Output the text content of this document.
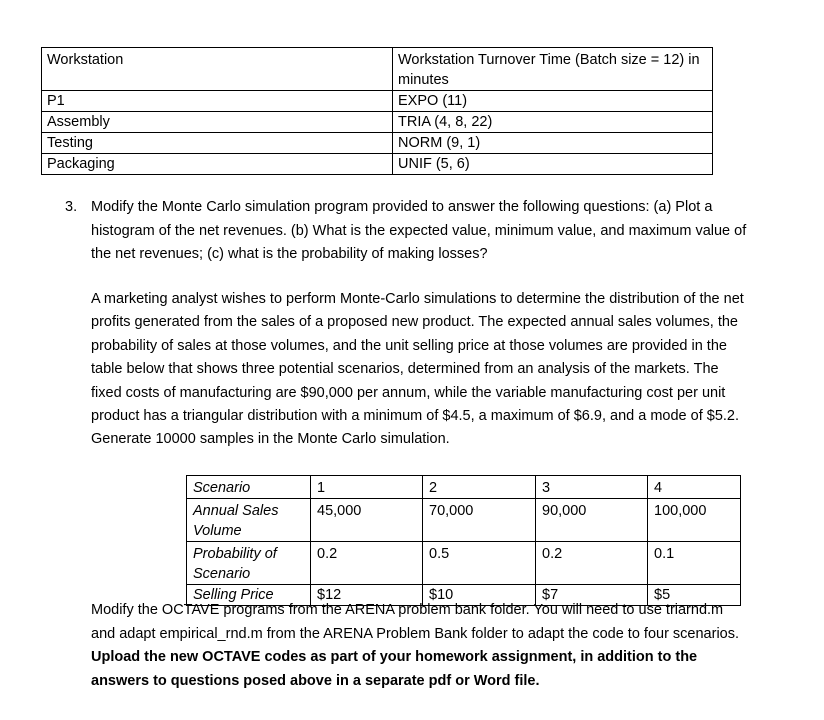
Workstation	Workstation Turnover Time (Batch size = 12) in minutes
P1	EXPO (11)
Assembly	TRIA (4, 8, 22)
Testing	NORM (9, 1)
Packaging	UNIF (5, 6)
3. Modify the Monte Carlo simulation program provided to answer the following questions: (a) Plot a histogram of the net revenues. (b) What is the expected value, minimum value, and maximum value of the net revenues; (c) what is the probability of making losses?
A marketing analyst wishes to perform Monte-Carlo simulations to determine the distribution of the net profits generated from the sales of a proposed new product. The expected annual sales volumes, the probability of sales at those volumes, and the unit selling price at those volumes are provided in the table below that shows three potential scenarios, determined from an analysis of the markets. The fixed costs of manufacturing are $90,000 per annum, while the variable manufacturing cost per unit product has a triangular distribution with a minimum of $4.5, a maximum of $6.9, and a mode of $5.2. Generate 10000 samples in the Monte Carlo simulation.
Scenario	1	2	3	4
Annual Sales Volume	45,000	70,000	90,000	100,000
Probability of Scenario	0.2	0.5	0.2	0.1
Selling Price	$12	$10	$7	$5
Modify the OCTAVE programs from the ARENA problem bank folder. You will need to use triarnd.m and adapt empirical_rnd.m from the ARENA Problem Bank folder to adapt the code to four scenarios. Upload the new OCTAVE codes as part of your homework assignment, in addition to the answers to questions posed above in a separate pdf or Word file.
